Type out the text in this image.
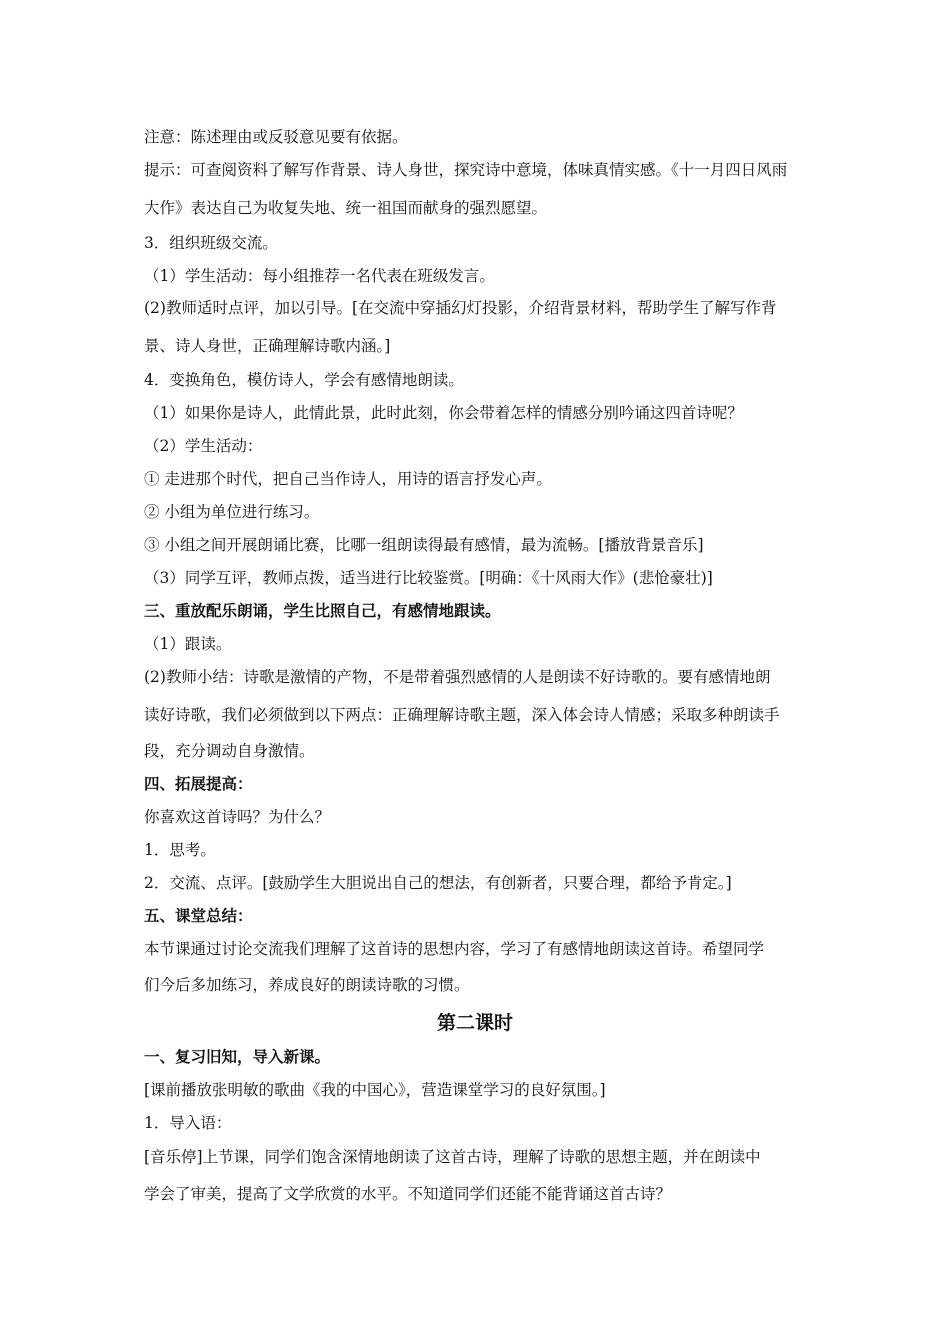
注意：陈述理由或反驳意见要有依据。
提示：可查阅资料了解写作背景、诗人身世，探究诗中意境，体味真情实感。《十一月四日风雨
大作》表达自己为收复失地、统一祖国而献身的强烈愿望。
3．组织班级交流。
（1）学生活动：每小组推荐一名代表在班级发言。
(2)教师适时点评，加以引导。[在交流中穿插幻灯投影，介绍背景材料，帮助学生了解写作背
景、诗人身世，正确理解诗歌内涵。]
4．变换角色，模仿诗人，学会有感情地朗读。
（1）如果你是诗人，此情此景，此时此刻，你会带着怎样的情感分别吟诵这四首诗呢？
（2）学生活动：
① 走进那个时代，把自己当作诗人，用诗的语言抒发心声。
② 小组为单位进行练习。
③ 小组之间开展朗诵比赛，比哪一组朗读得最有感情，最为流畅。[播放背景音乐]
（3）同学互评，教师点拨，适当进行比较鉴赏。[明确：《十风雨大作》(悲怆豪壮)]
三、重放配乐朗诵，学生比照自己，有感情地跟读。
（1）跟读。
(2)教师小结：诗歌是激情的产物，不是带着强烈感情的人是朗读不好诗歌的。要有感情地朗
读好诗歌，我们必须做到以下两点：正确理解诗歌主题，深入体会诗人情感；采取多种朗读手
段，充分调动自身激情。
四、拓展提高：
你喜欢这首诗吗？为什么？
1．思考。
2．交流、点评。[鼓励学生大胆说出自己的想法，有创新者，只要合理，都给予肯定。]
五、课堂总结：
本节课通过讨论交流我们理解了这首诗的思想内容，学习了有感情地朗读这首诗。希望同学
们今后多加练习，养成良好的朗读诗歌的习惯。
第二课时
一、复习旧知，导入新课。
[课前播放张明敏的歌曲《我的中国心》，营造课堂学习的良好氛围。]
1．导入语：
[音乐停]上节课，同学们饱含深情地朗读了这首古诗，理解了诗歌的思想主题，并在朗读中
学会了审美，提高了文学欣赏的水平。不知道同学们还能不能背诵这首古诗？
